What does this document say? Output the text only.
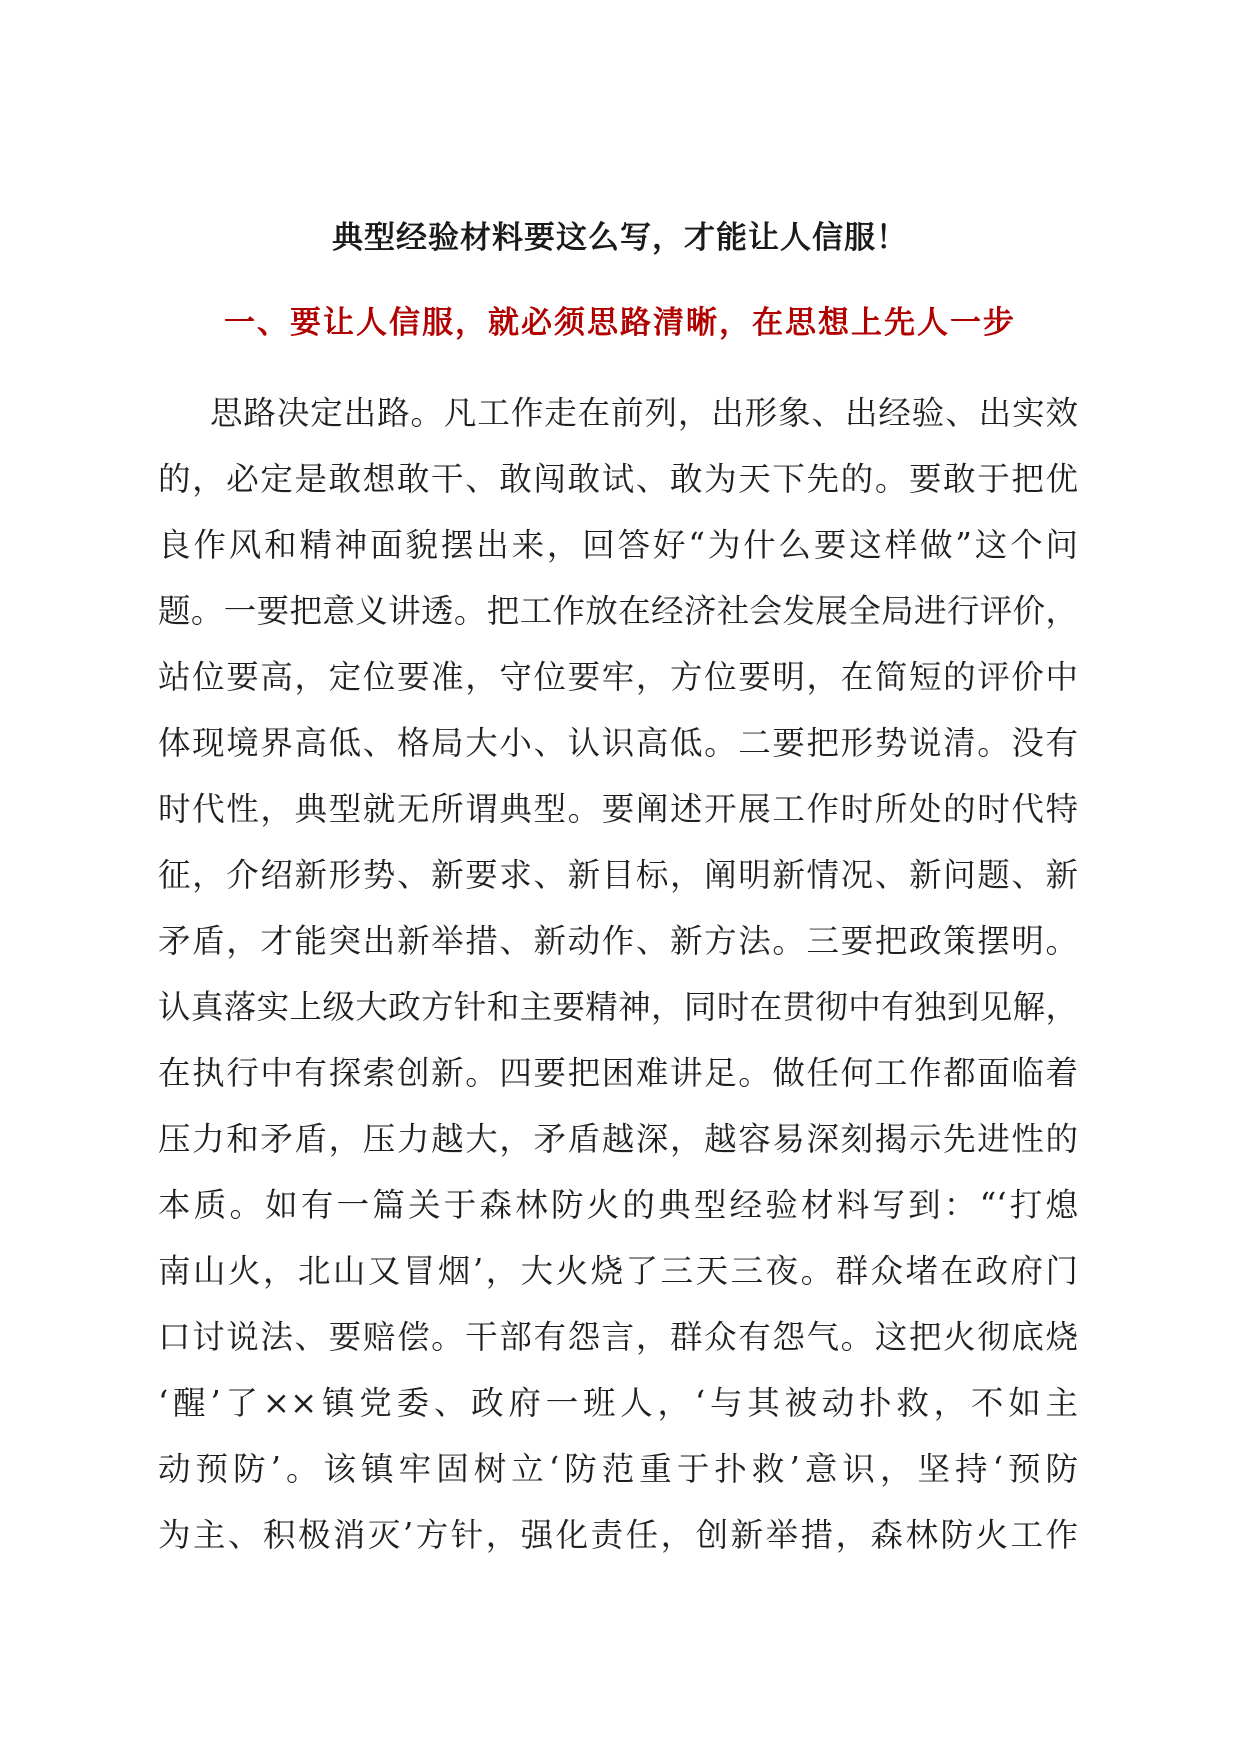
典型经验材料要这么写，才能让人信服！
一、要让人信服，就必须思路清晰，在思想上先人一步
思路决定出路。凡工作走在前列，出形象、出经验、出实效
的，必定是敢想敢干、敢闯敢试、敢为天下先的。要敢于把优
良作风和精神面貌摆出来，回答好“为什么要这样做”这个问
题。一要把意义讲透。把工作放在经济社会发展全局进行评价，
站位要高，定位要准，守位要牢，方位要明，在简短的评价中
体现境界高低、格局大小、认识高低。二要把形势说清。没有
时代性，典型就无所谓典型。要阐述开展工作时所处的时代特
征，介绍新形势、新要求、新目标，阐明新情况、新问题、新
矛盾，才能突出新举措、新动作、新方法。三要把政策摆明。
认真落实上级大政方针和主要精神，同时在贯彻中有独到见解，
在执行中有探索创新。四要把困难讲足。做任何工作都面临着
压力和矛盾，压力越大，矛盾越深，越容易深刻揭示先进性的
本质。如有一篇关于森林防火的典型经验材料写到：“‘打熄
南山火，北山又冒烟’，大火烧了三天三夜。群众堵在政府门
口讨说法、要赔偿。干部有怨言，群众有怨气。这把火彻底烧
‘醒’了××镇党委、政府一班人，‘与其被动扑救，不如主
动预防’。该镇牢固树立‘防范重于扑救’意识，坚持‘预防
为主、积极消灭’方针，强化责任，创新举措，森林防火工作
